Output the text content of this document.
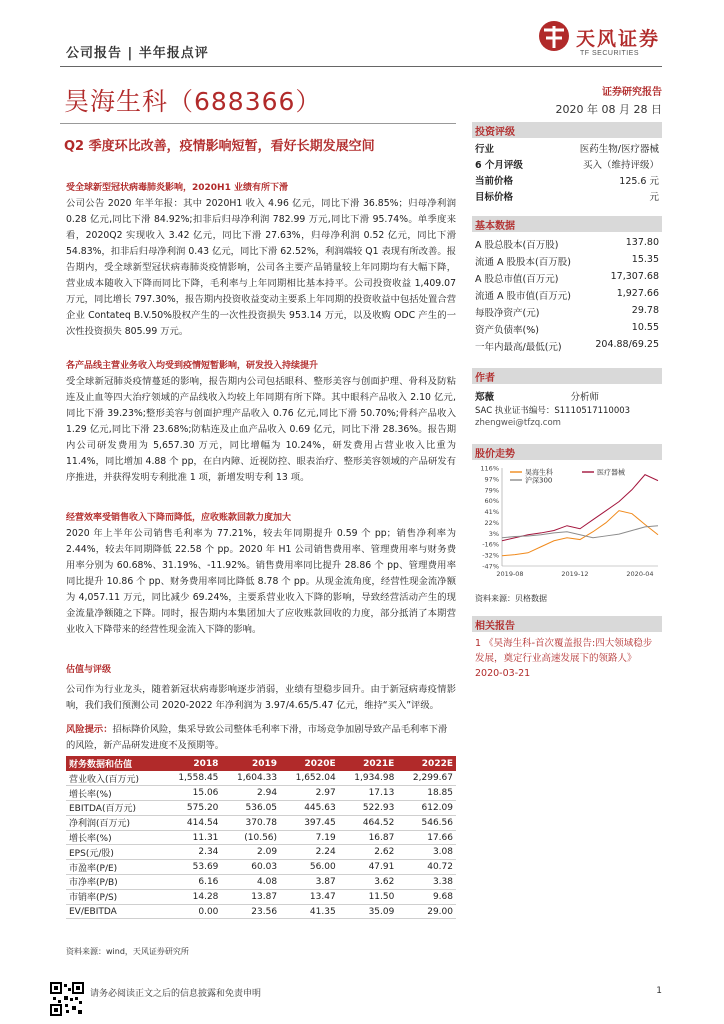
公司报告 | 半年报点评
天风证券
TF SECURITIES
昊海生科（688366）	证券研究报告
2020 年 08 月 28 日
Q2 季度环比改善，疫情影响短暂，看好长期发展空间
受全球新型冠状病毒肺炎影响，2020H1 业绩有所下滑
公司公告 2020 年半年报：其中 2020H1 收入 4.96 亿元，同比下滑 36.85%；归母净利润 0.28 亿元,同比下滑 84.92%;扣非后归母净利润 782.99 万元,同比下滑 95.74%。单季度来看，2020Q2 实现收入 3.42 亿元，同比下滑 27.63%，归母净利润 0.52 亿元，同比下滑 54.83%，扣非后归母净利润 0.43 亿元，同比下滑 62.52%，利润端较 Q1 表现有所改善。报告期内，受全球新型冠状病毒肺炎疫情影响，公司各主要产品销量较上年同期均有大幅下降，营业成本随收入下降而同比下降，毛利率与上年同期相比基本持平。公司投资收益 1,409.07 万元，同比增长 797.30%，报告期内投资收益变动主要系上年同期的投资收益中包括处置合营企业 Contateq B.V.50%股权产生的一次性投资损失 953.14 万元，以及收购 ODC 产生的一次性投资损失 805.99 万元。
各产品线主营业务收入均受到疫情短暂影响，研发投入持续提升
受全球新冠肺炎疫情蔓延的影响，报告期内公司包括眼科、整形美容与创面护理、骨科及防粘连及止血等四大治疗领域的产品线收入均较上年同期有所下降。其中眼科产品收入 2.10 亿元,同比下滑 39.23%;整形美容与创面护理产品收入 0.76 亿元,同比下滑 50.70%;骨科产品收入 1.29 亿元,同比下滑 23.68%;防粘连及止血产品收入 0.69 亿元，同比下滑 28.36%。报告期内公司研发费用为 5,657.30 万元，同比增幅为 10.24%，研发费用占营业收入比重为 11.4%，同比增加 4.88 个 pp，在白内障、近视防控、眼表治疗、整形美容领域的产品研发有序推进，并获得发明专利批准 1 项，新增发明专利 13 项。
经营效率受销售收入下降而降低，应收账款回款力度加大
2020 年上半年公司销售毛利率为 77.21%，较去年同期提升 0.59 个 pp；销售净利率为 2.44%，较去年同期降低 22.58 个 pp。2020 年 H1 公司销售费用率、管理费用率与财务费用率分别为 60.68%、31.19%、-11.92%。销售费用率同比提升 28.86 个 pp、管理费用率同比提升 10.86 个 pp、财务费用率同比降低 8.78 个 pp。从现金流角度，经营性现金流净额为 4,057.11 万元，同比减少 69.24%，主要系营业收入下降的影响，导致经营活动产生的现金流量净额随之下降。同时，报告期内本集团加大了应收账款回收的力度，部分抵消了本期营业收入下降带来的经营性现金流入下降的影响。
估值与评级
公司作为行业龙头，随着新冠状病毒影响逐步消弱，业绩有望稳步回升。由于新冠病毒疫情影响，我们我们预测公司 2020-2022 年净利润为 3.97/4.65/5.47 亿元，维持“买入”评级。
投资评级
行业	医药生物/医疗器械
6 个月评级	买入（维持评级）
当前价格	125.6 元
目标价格	元
基本数据
A 股总股本(百万股)	137.80
流通 A 股股本(百万股)	15.35
A 股总市值(百万元)	17,307.68
流通 A 股市值(百万元)	1,927.66
每股净资产(元)	29.78
资产负债率(%)	10.55
一年内最高/最低(元)	204.88/69.25
作者
郑薇	分析师
SAC 执业证书编号：S1110517110003
zhengwei@tfzq.com
股价走势
-47%
-32%
-16%
3%
22%
41%
60%
79%
97%
116%
2019-08	2019-12	2020-04
昊海生科	医疗器械
沪深300
资料来源：贝格数据
相关报告
1 《昊海生科-首次覆盖报告:四大领域稳步发展，奠定行业高速发展下的领路人》 2020-03-21
风险提示：招标降价风险，集采导致公司整体毛利率下滑，市场竞争加剧导致产品毛利率下滑的风险，新产品研发进度不及预期等。
财务数据和估值	2018	2019	2020E	2021E	2022E
营业收入(百万元)	1,558.45	1,604.33	1,652.04	1,934.98	2,299.67
增长率(%)	15.06	2.94	2.97	17.13	18.85
EBITDA(百万元)	575.20	536.05	445.63	522.93	612.09
净利润(百万元)	414.54	370.78	397.45	464.52	546.56
增长率(%)	11.31	(10.56)	7.19	16.87	17.66
EPS(元/股)	2.34	2.09	2.24	2.62	3.08
市盈率(P/E)	53.69	60.03	56.00	47.91	40.72
市净率(P/B)	6.16	4.08	3.87	3.62	3.38
市销率(P/S)	14.28	13.87	13.47	11.50	9.68
EV/EBITDA	0.00	23.56	41.35	35.09	29.00
资料来源：wind，天风证券研究所
请务必阅读正文之后的信息披露和免责申明	1
